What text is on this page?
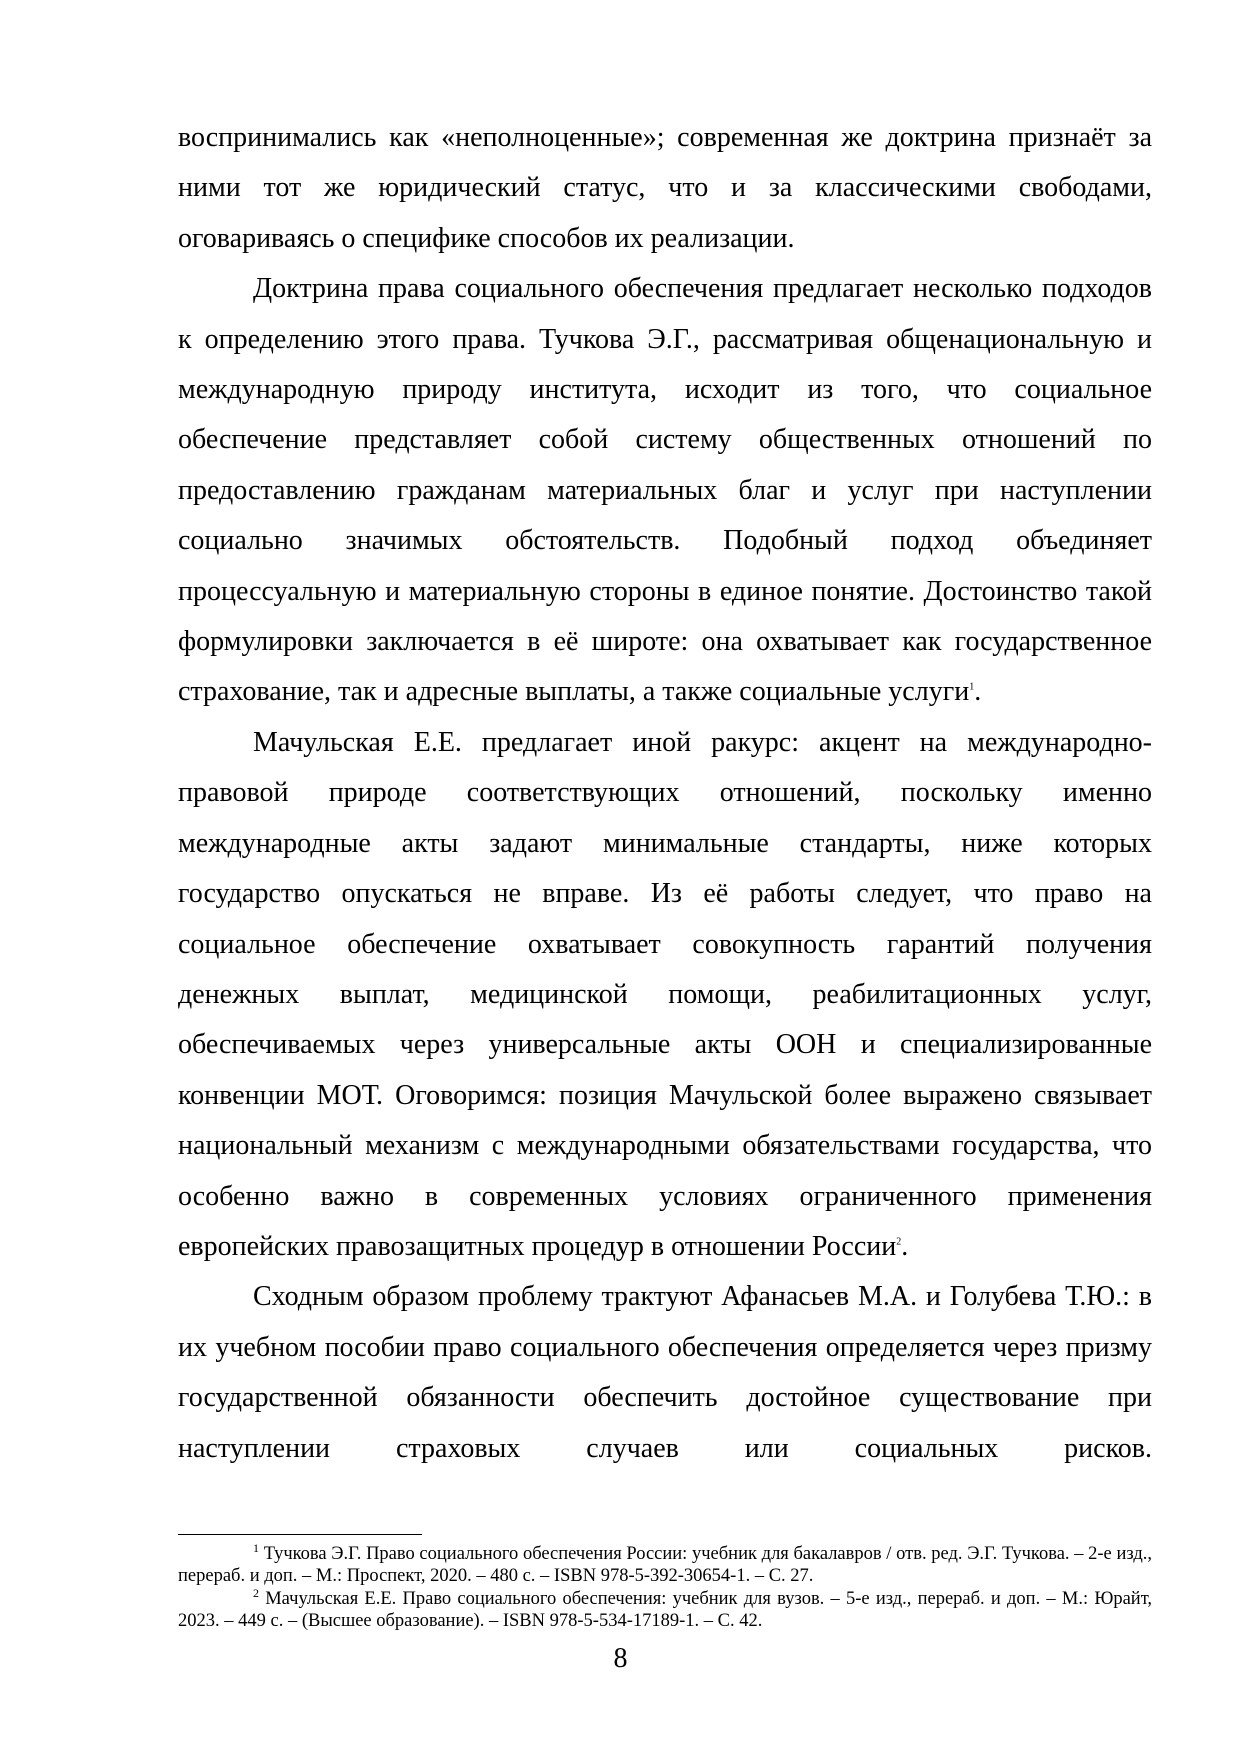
воспринимались как «неполноценные»; современная же доктрина признаёт за ними тот же юридический статус, что и за классическими свободами, оговариваясь о специфике способов их реализации.

Доктрина права социального обеспечения предлагает несколько подходов к определению этого права. Тучкова Э.Г., рассматривая общенациональную и международную природу института, исходит из того, что социальное обеспечение представляет собой систему общественных отношений по предоставлению гражданам материальных благ и услуг при наступлении социально значимых обстоятельств. Подобный подход объединяет процессуальную и материальную стороны в единое понятие. Достоинство такой формулировки заключается в её широте: она охватывает как государственное страхование, так и адресные выплаты, а также социальные услуги$^1$.

Мачульская Е.Е. предлагает иной ракурс: акцент на международно-правовой природе соответствующих отношений, поскольку именно международные акты задают минимальные стандарты, ниже которых государство опускаться не вправе. Из её работы следует, что право на социальное обеспечение охватывает совокупность гарантий получения денежных выплат, медицинской помощи, реабилитационных услуг, обеспечиваемых через универсальные акты ООН и специализированные конвенции МОТ. Оговоримся: позиция Мачульской более выражено связывает национальный механизм с международными обязательствами государства, что особенно важно в современных условиях ограниченного применения европейских правозащитных процедур в отношении России$^2$.

Сходным образом проблему трактуют Афанасьев М.А. и Голубева Т.Ю.: в их учебном пособии право социального обеспечения определяется через призму государственной обязанности обеспечить достойное существование при наступлении страховых случаев или социальных рисков.

$^1$ Тучкова Э.Г. Право социального обеспечения России: учебник для бакалавров / отв. ред. Э.Г. Тучкова. – 2-е изд., перераб. и доп. – М.: Проспект, 2020. – 480 с. – ISBN 978-5-392-30654-1. – С. 27.

$^2$ Мачульская Е.Е. Право социального обеспечения: учебник для вузов. – 5-е изд., перераб. и доп. – М.: Юрайт, 2023. – 449 с. – (Высшее образование). – ISBN 978-5-534-17189-1. – С. 42.

8
